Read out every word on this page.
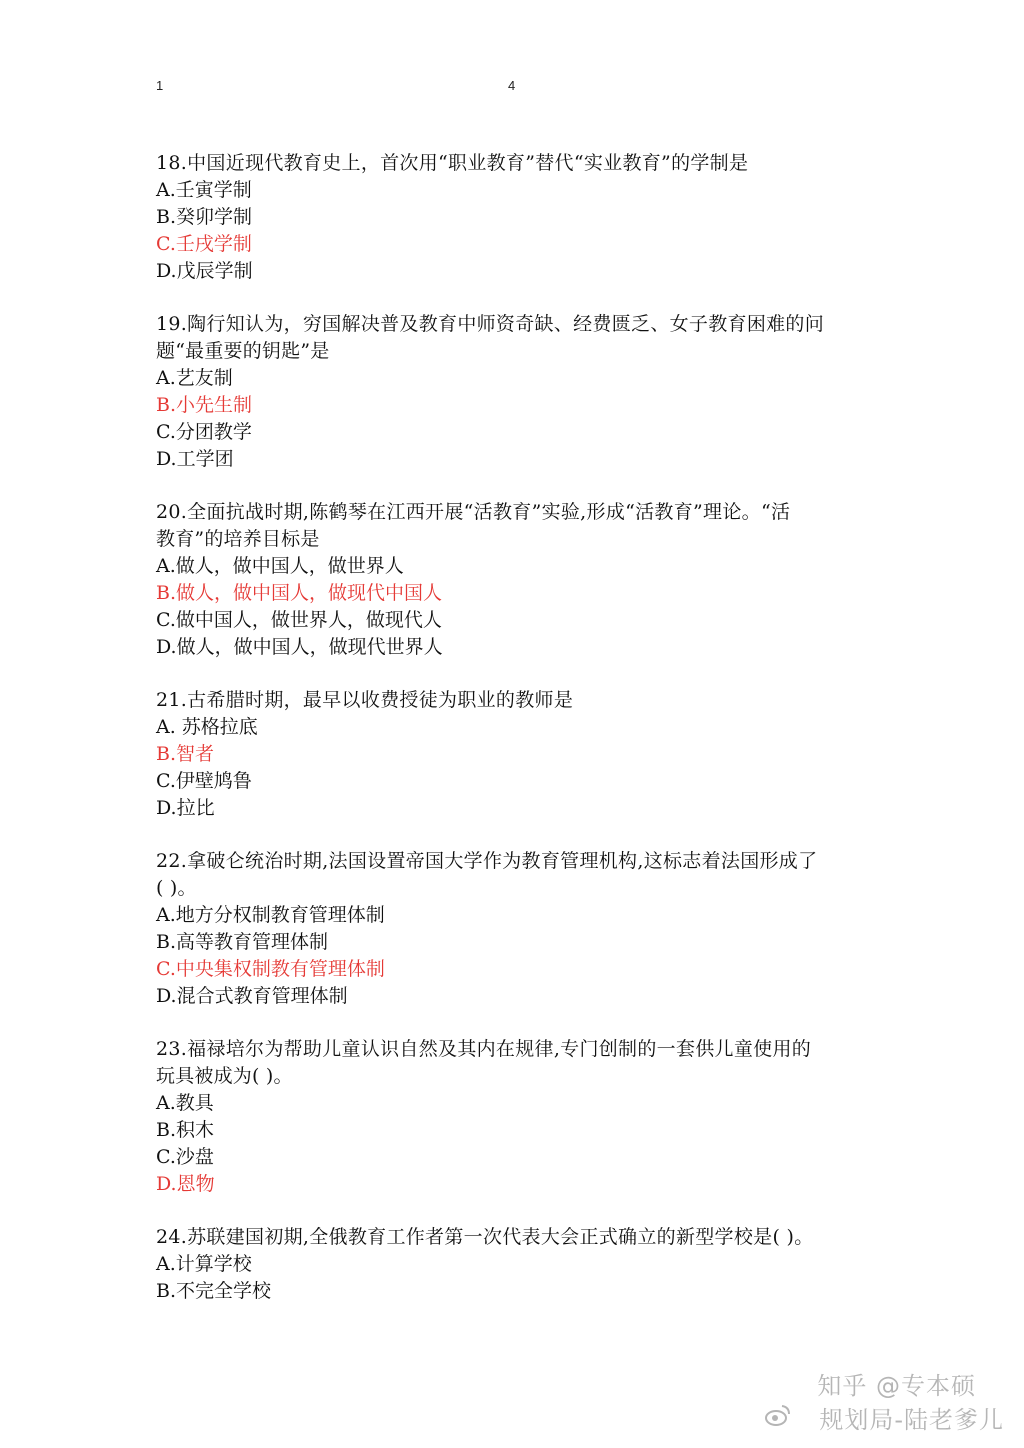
1	4
18.中国近现代教育史上，首次用“职业教育”替代“实业教育”的学制是
A.壬寅学制
B.癸卯学制
C.壬戌学制
D.戊辰学制
19.陶行知认为，穷国解决普及教育中师资奇缺、经费匮乏、女子教育困难的问
题“最重要的钥匙”是
A.艺友制
B.小先生制
C.分团教学
D.工学团
20.全面抗战时期,陈鹤琴在江西开展“活教育”实验,形成“活教育”理论。“活
教育”的培养目标是
A.做人，做中国人，做世界人
B.做人，做中国人，做现代中国人
C.做中国人，做世界人，做现代人
D.做人，做中国人，做现代世界人
21.古希腊时期，最早以收费授徒为职业的教师是
A. 苏格拉底
B.智者
C.伊壁鸠鲁
D.拉比
22.拿破仑统治时期,法国设置帝国大学作为教育管理机构,这标志着法国形成了
( )。
A.地方分权制教育管理体制
B.高等教育管理体制
C.中央集权制教有管理体制
D.混合式教育管理体制
23.福禄培尔为帮助儿童认识自然及其内在规律,专门创制的一套供儿童使用的
玩具被成为( )。
A.教具
B.积木
C.沙盘
D.恩物
24.苏联建国初期,全俄教育工作者第一次代表大会正式确立的新型学校是( )。
A.计算学校
B.不完全学校
知乎 @专本硕
规划局-陆老爹儿
